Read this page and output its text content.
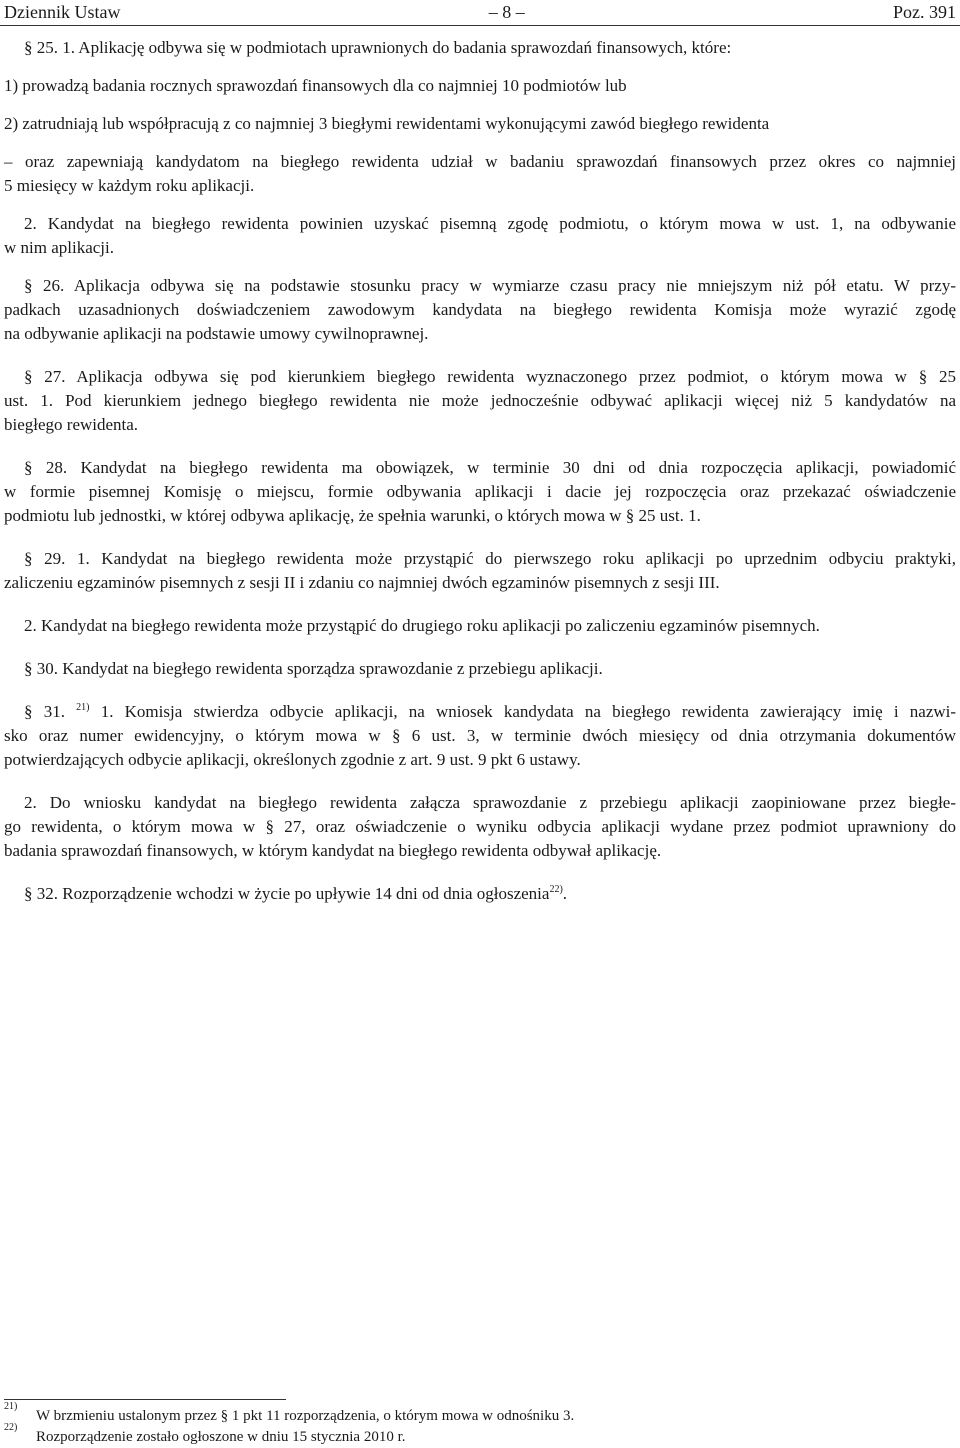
Dziennik Ustaw	– 8 –	Poz. 391
§ 25. 1. Aplikację odbywa się w podmiotach uprawnionych do badania sprawozdań finansowych, które:
1) prowadzą badania rocznych sprawozdań finansowych dla co najmniej 10 podmiotów lub
2) zatrudniają lub współpracują z co najmniej 3 biegłymi rewidentami wykonującymi zawód biegłego rewidenta
– oraz zapewniają kandydatom na biegłego rewidenta udział w badaniu sprawozdań finansowych przez okres co najmniej
5 miesięcy w każdym roku aplikacji.
2. Kandydat na biegłego rewidenta powinien uzyskać pisemną zgodę podmiotu, o którym mowa w ust. 1, na odbywanie
w nim aplikacji.
§ 26. Aplikacja odbywa się na podstawie stosunku pracy w wymiarze czasu pracy nie mniejszym niż pół etatu. W przy-
padkach uzasadnionych doświadczeniem zawodowym kandydata na biegłego rewidenta Komisja może wyrazić zgodę
na odbywanie aplikacji na podstawie umowy cywilnoprawnej.
§ 27. Aplikacja odbywa się pod kierunkiem biegłego rewidenta wyznaczonego przez podmiot, o którym mowa w § 25
ust. 1. Pod kierunkiem jednego biegłego rewidenta nie może jednocześnie odbywać aplikacji więcej niż 5 kandydatów na
biegłego rewidenta.
§ 28. Kandydat na biegłego rewidenta ma obowiązek, w terminie 30 dni od dnia rozpoczęcia aplikacji, powiadomić
w formie pisemnej Komisję o miejscu, formie odbywania aplikacji i dacie jej rozpoczęcia oraz przekazać oświadczenie
podmiotu lub jednostki, w której odbywa aplikację, że spełnia warunki, o których mowa w § 25 ust. 1.
§ 29. 1. Kandydat na biegłego rewidenta może przystąpić do pierwszego roku aplikacji po uprzednim odbyciu praktyki,
zaliczeniu egzaminów pisemnych z sesji II i zdaniu co najmniej dwóch egzaminów pisemnych z sesji III.
2. Kandydat na biegłego rewidenta może przystąpić do drugiego roku aplikacji po zaliczeniu egzaminów pisemnych.
§ 30. Kandydat na biegłego rewidenta sporządza sprawozdanie z przebiegu aplikacji.
§ 31. $^{21)}$ 1. Komisja stwierdza odbycie aplikacji, na wniosek kandydata na biegłego rewidenta zawierający imię i nazwi-
sko oraz numer ewidencyjny, o którym mowa w § 6 ust. 3, w terminie dwóch miesięcy od dnia otrzymania dokumentów
potwierdzających odbycie aplikacji, określonych zgodnie z art. 9 ust. 9 pkt 6 ustawy.
2. Do wniosku kandydat na biegłego rewidenta załącza sprawozdanie z przebiegu aplikacji zaopiniowane przez biegłe-
go rewidenta, o którym mowa w § 27, oraz oświadczenie o wyniku odbycia aplikacji wydane przez podmiot uprawniony do
badania sprawozdań finansowych, w którym kandydat na biegłego rewidenta odbywał aplikację.
§ 32. Rozporządzenie wchodzi w życie po upływie 14 dni od dnia ogłoszenia$^{22)}$.
21)
W brzmieniu ustalonym przez § 1 pkt 11 rozporządzenia, o którym mowa w odnośniku 3.
22)
Rozporządzenie zostało ogłoszone w dniu 15 stycznia 2010 r.
